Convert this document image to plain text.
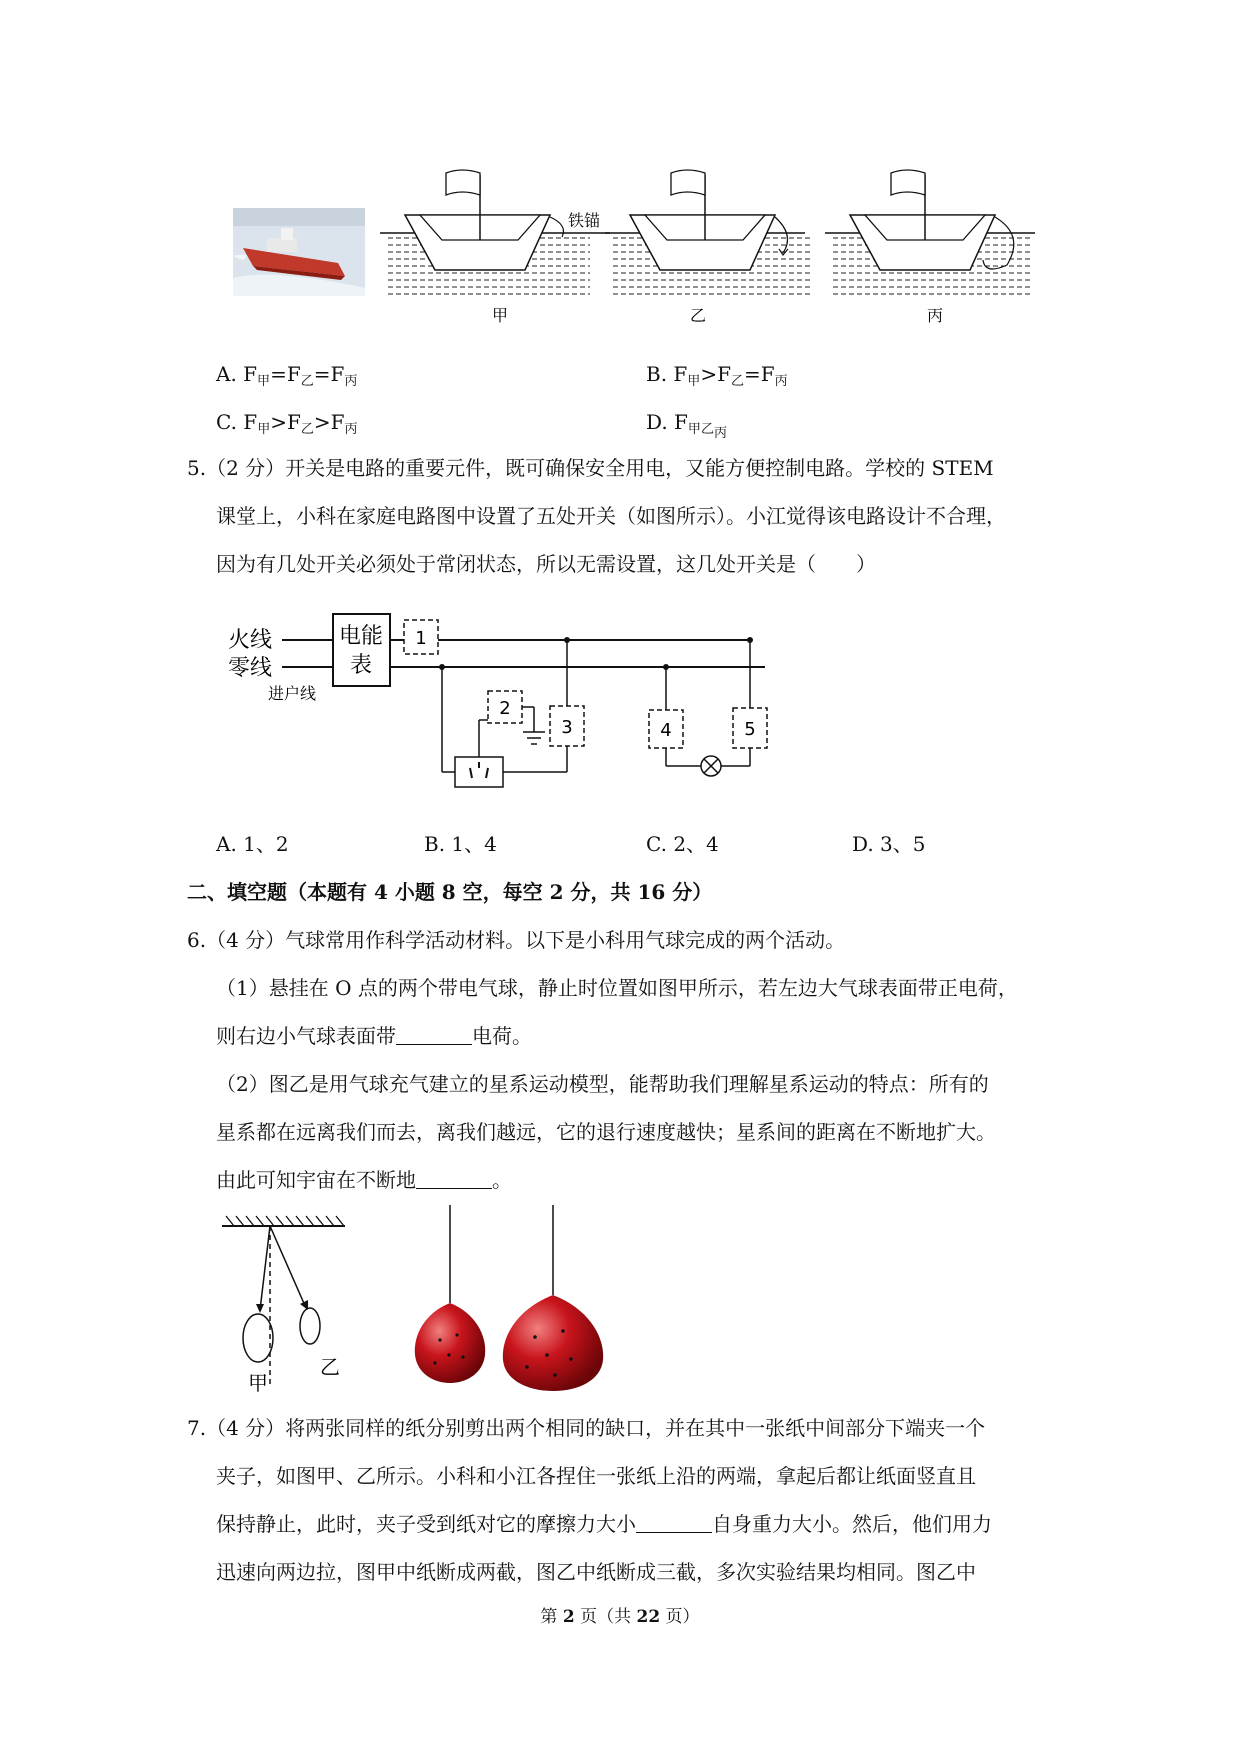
铁锚
甲	乙	丙
A. $F_甲=F_乙=F_丙$	B. $F_甲>F_乙=F_丙$
C. $F_甲>F_乙>F_丙$	D. $F_{甲乙丙}$
5.（2 分）开关是电路的重要元件，既可确保安全用电，又能方便控制电路。学校的 STEM
课堂上，小科在家庭电路图中设置了五处开关（如图所示）。小江觉得该电路设计不合理，
因为有几处开关必须处于常闭状态，所以无需设置，这几处开关是（　　）
火线
零线
进户线
电能
表
1
2
3	4	5
A. 1、2	B. 1、4	C. 2、4	D. 3、5
二、填空题（本题有 4 小题 8 空，每空 2 分，共 16 分）
6.（4 分）气球常用作科学活动材料。以下是小科用气球完成的两个活动。
（1）悬挂在 O 点的两个带电气球，静止时位置如图甲所示，若左边大气球表面带正电荷，
则右边小气球表面带	电荷。
（2）图乙是用气球充气建立的星系运动模型，能帮助我们理解星系运动的特点：所有的
星系都在远离我们而去，离我们越远，它的退行速度越快；星系间的距离在不断地扩大。
由此可知宇宙在不断地	。
甲
乙
7.（4 分）将两张同样的纸分别剪出两个相同的缺口，并在其中一张纸中间部分下端夹一个
夹子，如图甲、乙所示。小科和小江各捏住一张纸上沿的两端，拿起后都让纸面竖直且
保持静止，此时，夹子受到纸对它的摩擦力大小	自身重力大小。然后，他们用力
迅速向两边拉，图甲中纸断成两截，图乙中纸断成三截，多次实验结果均相同。图乙中
第 2 页（共 22 页）
